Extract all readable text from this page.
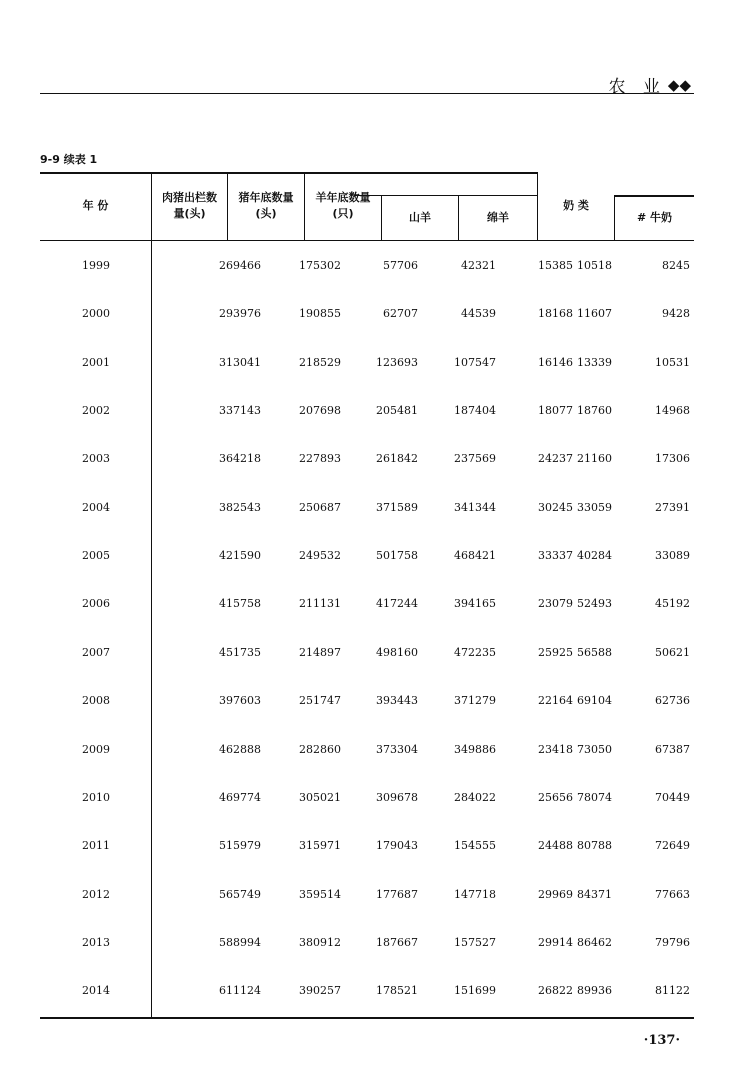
农 业 ◆◆
9-9 续表 1
年 份
肉猪出栏数量(头)
猪年底数量(头)
羊年底数量(只)	山羊	绵羊
奶 类
# 牛奶
1999	269466	175302	57706	42321	15385 10518	8245
2000	293976	190855	62707	44539	18168 11607	9428
2001	313041	218529	123693	107547	16146 13339	10531
2002	337143	207698	205481	187404	18077 18760	14968
2003	364218	227893	261842	237569	24237 21160	17306
2004	382543	250687	371589	341344	30245 33059	27391
2005	421590	249532	501758	468421	33337 40284	33089
2006	415758	211131	417244	394165	23079 52493	45192
2007	451735	214897	498160	472235	25925 56588	50621
2008	397603	251747	393443	371279	22164 69104	62736
2009	462888	282860	373304	349886	23418 73050	67387
2010	469774	305021	309678	284022	25656 78074	70449
2011	515979	315971	179043	154555	24488 80788	72649
2012	565749	359514	177687	147718	29969 84371	77663
2013	588994	380912	187667	157527	29914 86462	79796
2014	611124	390257	178521	151699	26822 89936	81122
·137·
